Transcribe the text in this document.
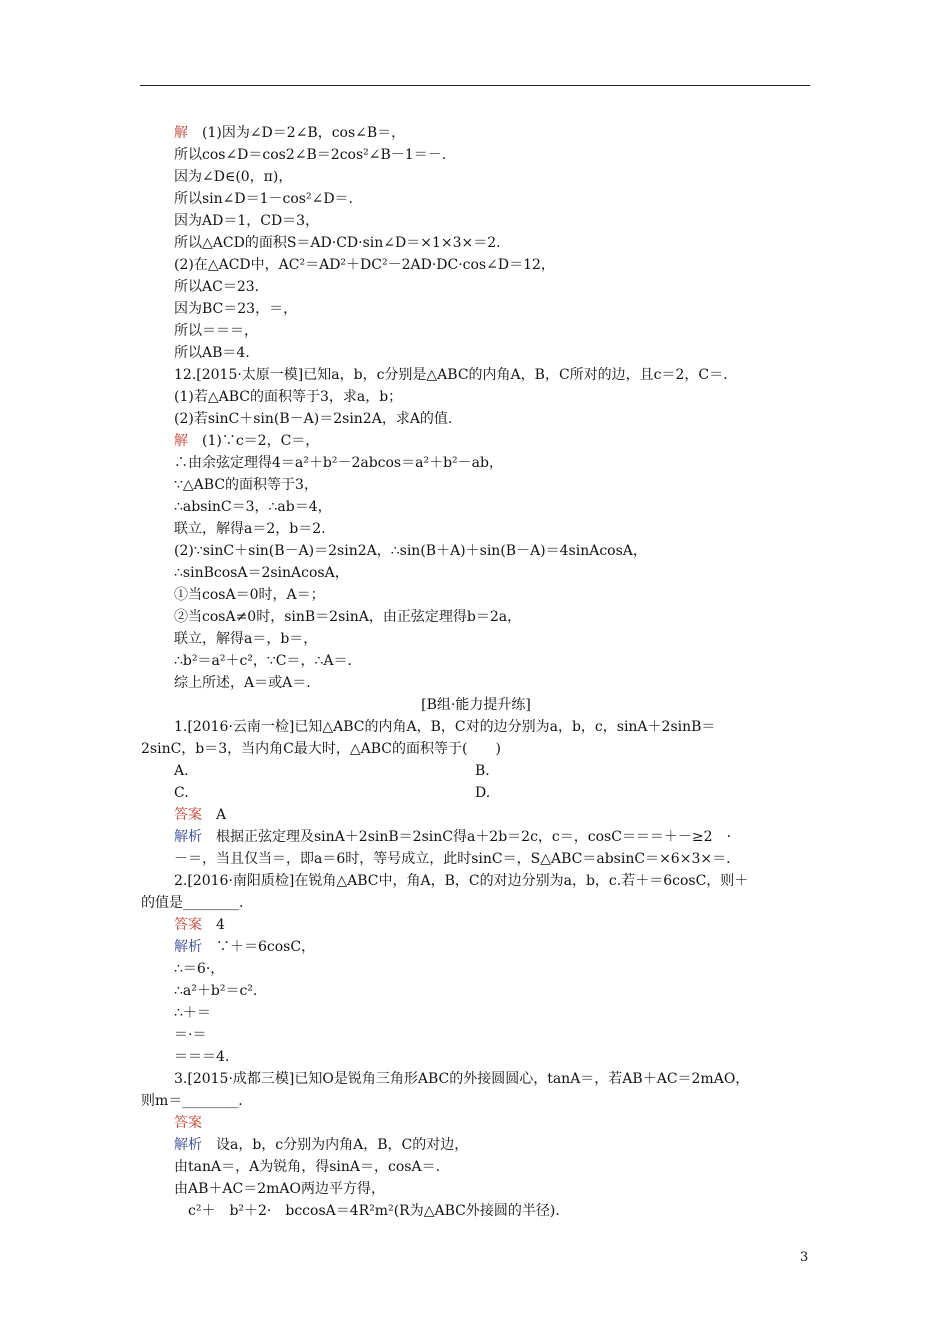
解　(1)因为∠D＝2∠B，cos∠B＝，
所以cos∠D＝cos2∠B＝2cos²∠B－1＝－.
因为∠D∈(0，π)，
所以sin∠D＝1－cos²∠D＝.
因为AD＝1，CD＝3，
所以△ACD的面积S＝AD·CD·sin∠D＝×1×3×＝2.
(2)在△ACD中，AC²＝AD²＋DC²－2AD·DC·cos∠D＝12，
所以AC＝23.
因为BC＝23，＝，
所以＝＝＝，
所以AB＝4.
12.[2015·太原一模]已知a，b，c分别是△ABC的内角A，B，C所对的边，且c＝2，C＝.
(1)若△ABC的面积等于3，求a，b；
(2)若sinC＋sin(B－A)＝2sin2A，求A的值.
解　(1)∵c＝2，C＝，
∴由余弦定理得4＝a²＋b²－2abcos＝a²＋b²－ab，
∵△ABC的面积等于3，
∴absinC＝3，∴ab＝4，
联立，解得a＝2，b＝2.
(2)∵sinC＋sin(B－A)＝2sin2A，∴sin(B＋A)＋sin(B－A)＝4sinAcosA，
∴sinBcosA＝2sinAcosA，
①当cosA＝0时，A＝；
②当cosA≠0时，sinB＝2sinA，由正弦定理得b＝2a，
联立，解得a＝，b＝，
∴b²＝a²＋c²，∵C＝，∴A＝.
综上所述，A＝或A＝.
[B组·能力提升练]
1.[2016·云南一检]已知△ABC的内角A，B，C对的边分别为a，b，c，sinA＋2sinB＝
2sinC，b＝3，当内角C最大时，△ABC的面积等于(　　)
A.	B.
C.	D.
答案　A
解析　根据正弦定理及sinA＋2sinB＝2sinC得a＋2b＝2c，c＝，cosC＝＝＝＋－≥2　·
－＝，当且仅当＝，即a＝6时，等号成立，此时sinC＝，S△ABC＝absinC＝×6×3×＝.
2.[2016·南阳质检]在锐角△ABC中，角A，B，C的对边分别为a，b，c.若＋＝6cosC，则＋
的值是________.
答案　4
解析　∵＋＝6cosC，
∴＝6·，
∴a²＋b²＝c².
∴＋＝
＝·＝
＝＝＝4.
3.[2015·成都三模]已知O是锐角三角形ABC的外接圆圆心，tanA＝，若AB＋AC＝2mAO，
则m＝________.
答案
解析　设a，b，c分别为内角A，B，C的对边，
由tanA＝，A为锐角，得sinA＝，cosA＝.
由AB＋AC＝2mAO两边平方得，
　c²＋　b²＋2·　bccosA＝4R²m²(R为△ABC外接圆的半径).
3
